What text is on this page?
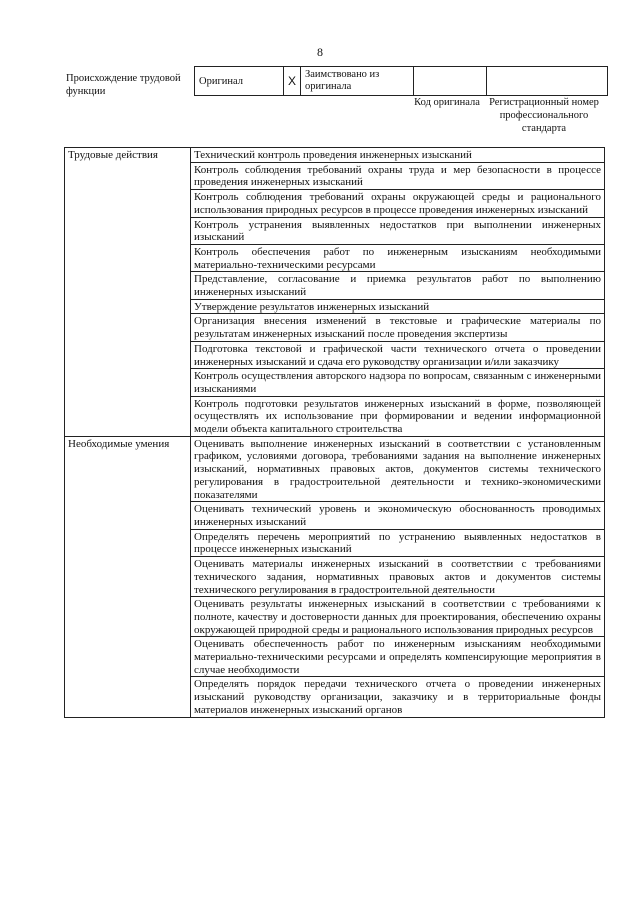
8
Происхождение трудовой функции
Оригинал	X	Заимствовано из оригинала		
Код оригинала Регистрационный номер профессионального стандарта
Трудовые действия	Технический контроль проведения инженерных изысканий
	Контроль соблюдения требований охраны труда и мер безопасности в процессе проведения инженерных изысканий
	Контроль соблюдения требований охраны окружающей среды и рационального использования природных ресурсов в процессе проведения инженерных изысканий
	Контроль устранения выявленных недостатков при выполнении инженерных изысканий
	Контроль обеспечения работ по инженерным изысканиям необходимыми материально-техническими ресурсами
	Представление, согласование и приемка результатов работ по выполнению инженерных изысканий
	Утверждение результатов инженерных изысканий
	Организация внесения изменений в текстовые и графические материалы по результатам инженерных изысканий после проведения экспертизы
	Подготовка текстовой и графической части технического отчета о проведении инженерных изысканий и сдача его руководству организации и/или заказчику
	Контроль осуществления авторского надзора по вопросам, связанным с инженерными изысканиями
	Контроль подготовки результатов инженерных изысканий в форме, позволяющей осуществлять их использование при формировании и ведении информационной модели объекта капитального строительства
Необходимые умения	Оценивать выполнение инженерных изысканий в соответствии с установленным графиком, условиями договора, требованиями задания на выполнение инженерных изысканий, нормативных правовых актов, документов системы технического регулирования в градостроительной деятельности и технико-экономическими показателями
	Оценивать технический уровень и экономическую обоснованность проводимых инженерных изысканий
	Определять перечень мероприятий по устранению выявленных недостатков в процессе инженерных изысканий
	Оценивать материалы инженерных изысканий в соответствии с требованиями технического задания, нормативных правовых актов и документов системы технического регулирования в градостроительной деятельности
	Оценивать результаты инженерных изысканий в соответствии с требованиями к полноте, качеству и достоверности данных для проектирования, обеспечению охраны окружающей природной среды и рационального использования природных ресурсов
	Оценивать обеспеченность работ по инженерным изысканиям необходимыми материально-техническими ресурсами и определять компенсирующие мероприятия в случае необходимости
	Определять порядок передачи технического отчета о проведении инженерных изысканий руководству организации, заказчику и в территориальные фонды материалов инженерных изысканий органов
